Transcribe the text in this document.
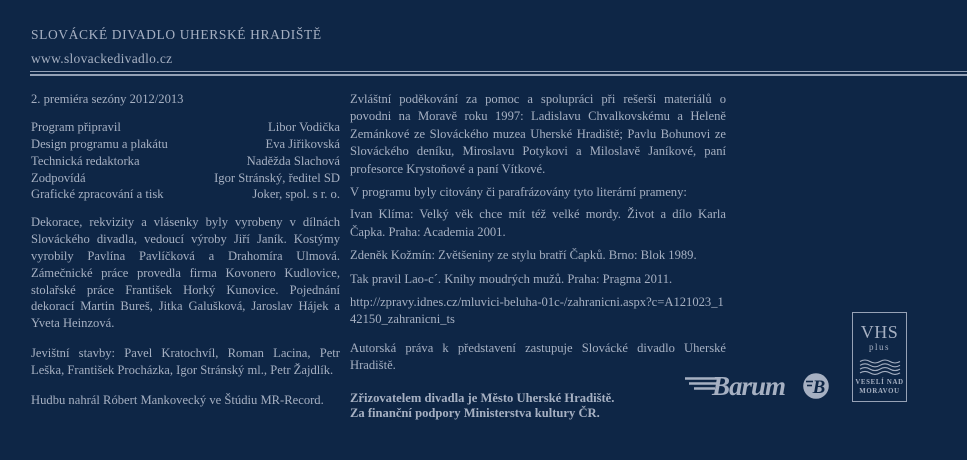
SLOVÁCKÉ DIVADLO UHERSKÉ HRADIŠTĚ
www.slovackedivadlo.cz
2. premiéra sezóny 2012/2013
Program připravil	Libor Vodička
Design programu a plakátu	Eva Jiřikovská
Technická redaktorka	Naděžda Slachová
Zodpovídá	Igor Stránský, ředitel SD
Grafické zpracování a tisk	Joker, spol. s r. o.

Dekorace, rekvizity a vlásenky byly vyrobeny v dílnách Slováckého divadla, vedoucí výroby Jiří Janík. Kostýmy vyrobily Pavlína Pavlíčková a Drahomíra Ulmová. Zámečnické práce provedla firma Kovonero Kudlovice, stolařské práce František Horký Kunovice. Pojednání dekorací Martin Bureš, Jitka Galušková, Jaroslav Hájek a Yveta Heinzová.

Jevištní stavby: Pavel Kratochvíl, Roman Lacina, Petr Leška, František Procházka, Igor Stránský ml., Petr Žajdlík.

Hudbu nahrál Róbert Mankovecký ve Štúdiu MR-Record.

Zvláštní poděkování za pomoc a spolupráci při rešerši materiálů o povodni na Moravě roku 1997: Ladislavu Chvalkovskému a Heleně Zemánkové ze Slováckého muzea Uherské Hradiště; Pavlu Bohunovi ze Slováckého deníku, Miroslavu Potykovi a Miloslavě Janíkové, paní profesorce Krystoňové a paní Vítkové.

V programu byly citovány či parafrázovány tyto literární prameny:

Ivan Klíma: Velký věk chce mít též velké mordy. Život a dílo Karla Čapka. Praha: Academia 2001.

Zdeněk Kožmín: Zvětšeniny ze stylu bratří Čapků. Brno: Blok 1989.

Tak pravil Lao-c´. Knihy moudrých mužů. Praha: Pragma 2011.

http://zpravy.idnes.cz/mluvici-beluha-01c-/zahranicni.aspx?c=A121023_142150_zahranicni_ts

Autorská práva k představení zastupuje Slovácké divadlo Uherské Hradiště.

Zřizovatelem divadla je Město Uherské Hradiště.

Za finanční podpory Ministerstva kultury ČR.

Barum B
VHS
plus
VESELÍ NAD
MORAVOU
